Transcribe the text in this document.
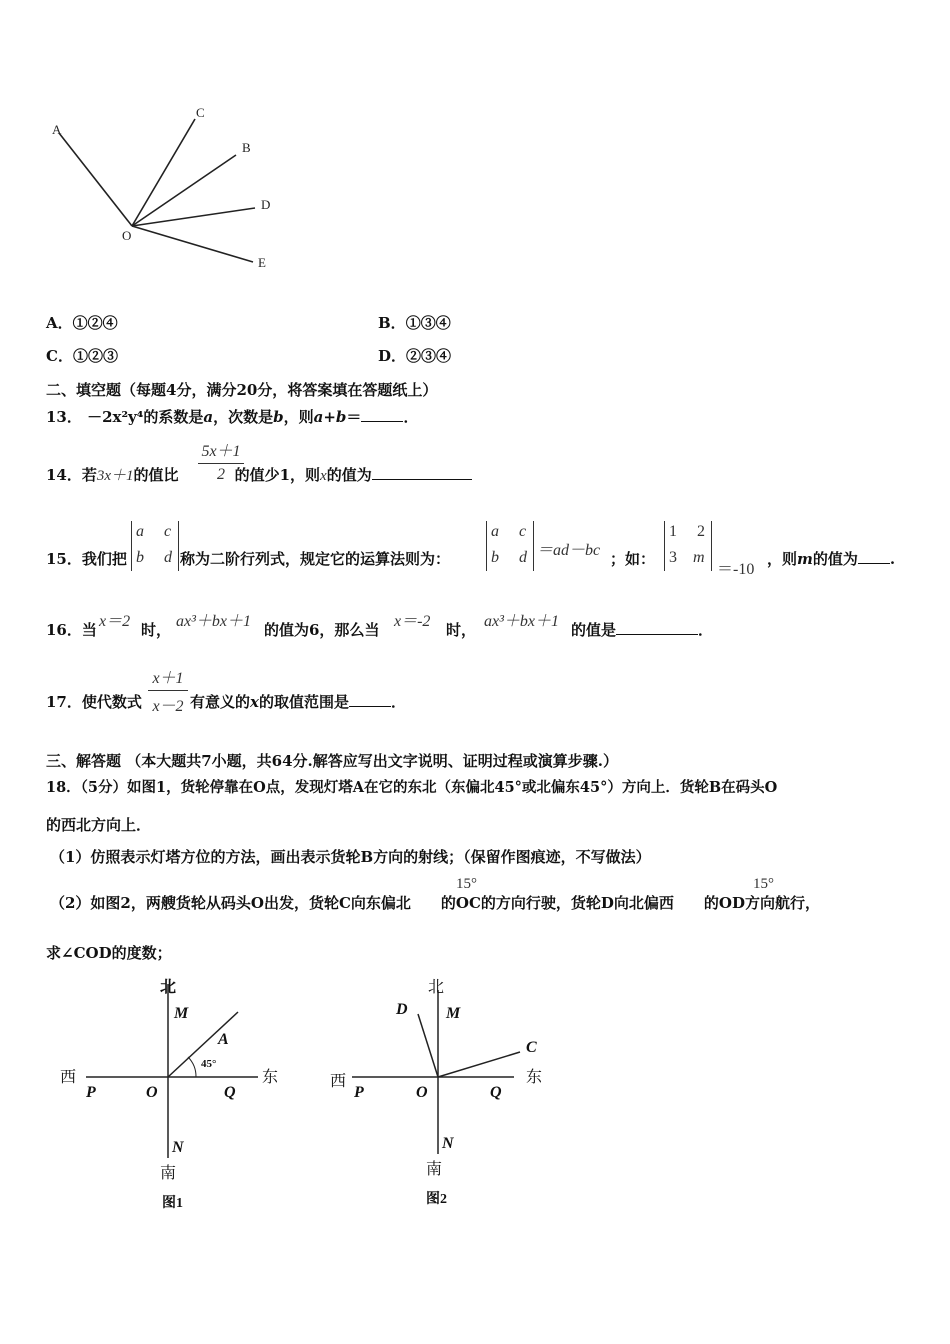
A
C
B
D
O
E
A．①②④	B．①③④
C．①②③	D．②③④
二、填空题（每题4分，满分20分，将答案填在答题纸上）
13． －2x²y⁴的系数是a，次数是b，则a+b＝	．
5x＋1
2
14．若3x＋1的值比	的值少1，则x的值为
a c
b d
a c
b d ＝ad－bc
1 2
3 m
＝-10
15．我们把	称为二阶行列式，规定它的运算法则为：	；如：	，则m的值为 .
x＝2	ax³＋bx＋1	x＝-2	ax³＋bx＋1
16．当	时，	的值为6，那么当	时，	的值是	．
x＋1
x－2
17．使代数式	有意义的x的取值范围是	．
三、解答题 （本大题共7小题，共64分.解答应写出文字说明、证明过程或演算步骤.）
18．（5分）如图1，货轮停靠在O点，发现灯塔A在它的东北（东偏北45°或北偏东45°）方向上．货轮B在码头O
的西北方向上．
（1）仿照表示灯塔方位的方法，画出表示货轮B方向的射线；（保留作图痕迹，不写做法）
（2）如图2，两艘货轮从码头O出发，货轮C向东偏北 的OC的方向行驶，货轮D向北偏西 的OD方向航行，
15°	15°
求∠COD的度数；
北
M
A
45°
西	东
P	O	Q
N
南
图1
北
D M
C
西	东
P	O	Q
N
南
图2
